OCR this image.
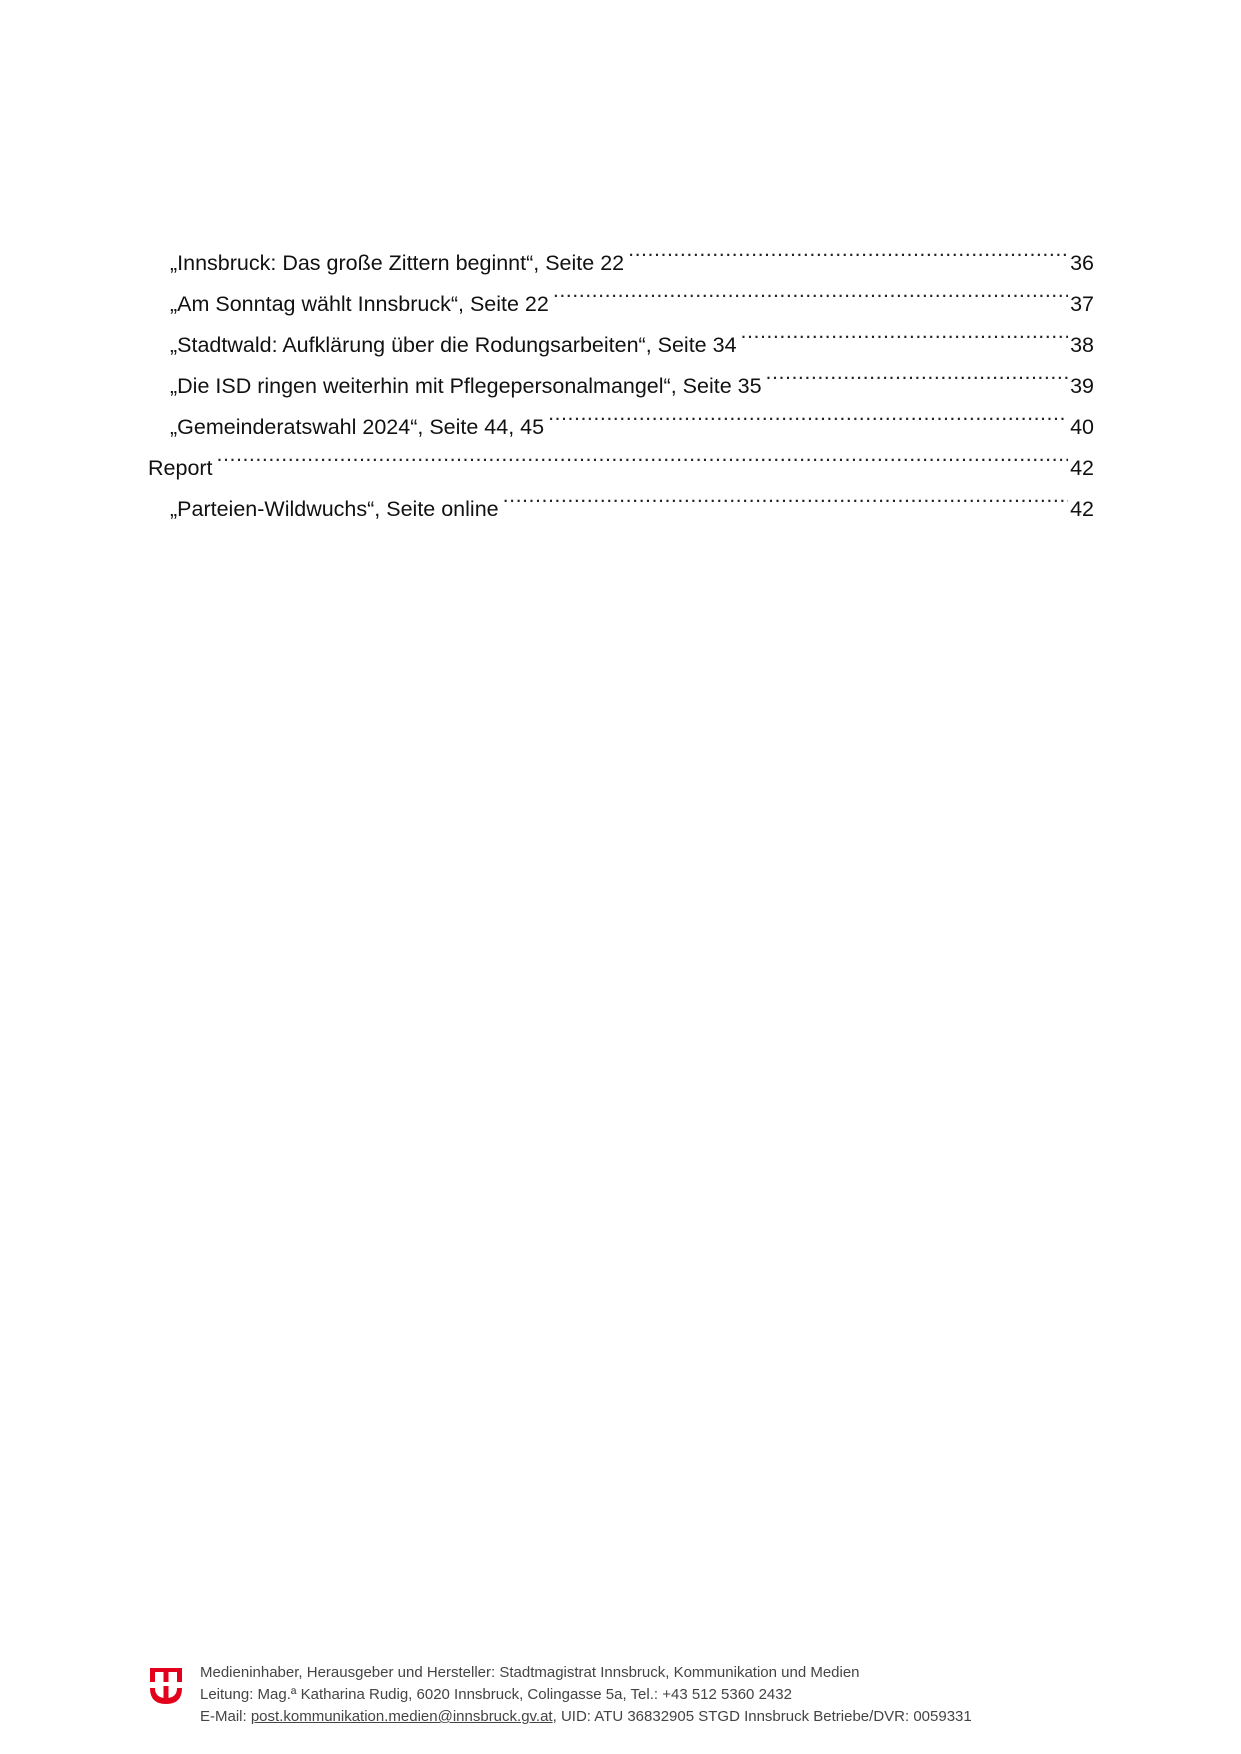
„Innsbruck: Das große Zittern beginnt“, Seite 22 .....	36
„Am Sonntag wählt Innsbruck“, Seite 22 .....	37
„Stadtwald: Aufklärung über die Rodungsarbeiten“, Seite 34 .....	38
„Die ISD ringen weiterhin mit Pflegepersonalmangel“, Seite 35 .....	39
„Gemeinderatswahl 2024“, Seite 44, 45 .....	40
Report .....	42
„Parteien-Wildwuchs“, Seite online .....	42
Medieninhaber, Herausgeber und Hersteller: Stadtmagistrat Innsbruck, Kommunikation und Medien
Leitung: Mag.ª Katharina Rudig, 6020 Innsbruck, Colingasse 5a, Tel.: +43 512 5360 2432
E-Mail: post.kommunikation.medien@innsbruck.gv.at, UID: ATU 36832905 STGD Innsbruck Betriebe/DVR: 0059331
